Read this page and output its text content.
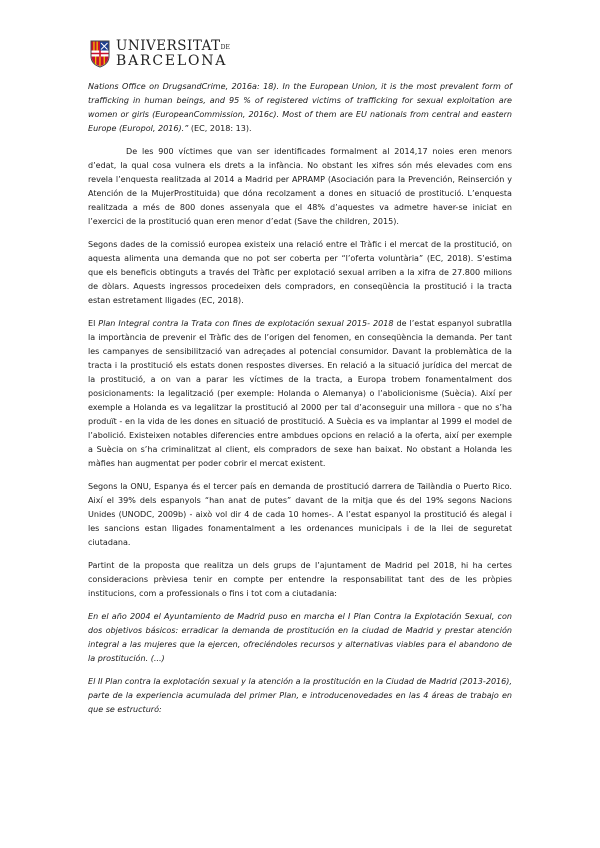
UNIVERSITATDE
BARCELONA

Nations Office on DrugsandCrime, 2016a: 18). In the European Union, it is the most prevalent form of trafficking in human beings, and 95 % of registered victims of trafficking for sexual exploitation are women or girls (EuropeanCommission, 2016c). Most of them are EU nationals from central and eastern Europe (Europol, 2016).” (EC, 2018: 13).

De les 900 víctimes que van ser identificades formalment al 2014,17 noies eren menors d’edat, la qual cosa vulnera els drets a la infància. No obstant les xifres són més elevades com ens revela l’enquesta realitzada al 2014 a Madrid per APRAMP (Asociación para la Prevención, Reinserción y Atención de la MujerProstituida) que dóna recolzament a dones en situació de prostitució. L’enquesta realitzada a més de 800 dones assenyala que el 48% d’aquestes va admetre haver-se iniciat en l’exercici de la prostitució quan eren menor d’edat (Save the children, 2015).

Segons dades de la comissió europea existeix una relació entre el Tràfic i el mercat de la prostitució, on aquesta alimenta una demanda que no pot ser coberta per “l’oferta voluntària” (EC, 2018). S’estima que els beneficis obtinguts a través del Tràfic per explotació sexual arriben a la xifra de 27.800 milions de dòlars. Aquests ingressos procedeixen dels compradors, en conseqüència la prostitució i la tracta estan estretament lligades (EC, 2018).

El Plan Integral contra la Trata con fines de explotación sexual 2015- 2018 de l’estat espanyol subratlla la importància de prevenir el Tràfic des de l’origen del fenomen, en conseqüència la demanda. Per tant les campanyes de sensibilització van adreçades al potencial consumidor. Davant la problemàtica de la tracta i la prostitució els estats donen respostes diverses. En relació a la situació jurídica del mercat de la prostitució, a on van a parar les víctimes de la tracta, a Europa trobem fonamentalment dos posicionaments: la legalització (per exemple: Holanda o Alemanya) o l’abolicionisme (Suècia). Així per exemple a Holanda es va legalitzar la prostitució al 2000 per tal d’aconseguir una millora - que no s’ha produït - en la vida de les dones en situació de prostitució. A Suècia es va implantar al 1999 el model de l’abolició. Existeixen notables diferencies entre ambdues opcions en relació a la oferta, així per exemple a Suècia on s’ha criminalitzat al client, els compradors de sexe han baixat. No obstant a Holanda les màfies han augmentat per poder cobrir el mercat existent.

Segons la ONU, Espanya és el tercer país en demanda de prostitució darrera de Tailàndia o Puerto Rico. Així el 39% dels espanyols “han anat de putes” davant de la mitja que és del 19% segons Nacions Unides (UNODC, 2009b) - això vol dir 4 de cada 10 homes-. A l’estat espanyol la prostitució és alegal i les sancions estan lligades fonamentalment a les ordenances municipals i de la llei de seguretat ciutadana.

Partint de la proposta que realitza un dels grups de l’ajuntament de Madrid pel 2018, hi ha certes consideracions prèviesa tenir en compte per entendre la responsabilitat tant des de les pròpies institucions, com a professionals o fins i tot com a ciutadania:

En el año 2004 el Ayuntamiento de Madrid puso en marcha el I Plan Contra la Explotación Sexual, con dos objetivos básicos: erradicar la demanda de prostitución en la ciudad de Madrid y prestar atención integral a las mujeres que la ejercen, ofreciéndoles recursos y alternativas viables para el abandono de la prostitución. (...)

El II Plan contra la explotación sexual y la atención a la prostitución en la Ciudad de Madrid (2013-2016), parte de la experiencia acumulada del primer Plan, e introducenovedades en las 4 áreas de trabajo en que se estructuró:
